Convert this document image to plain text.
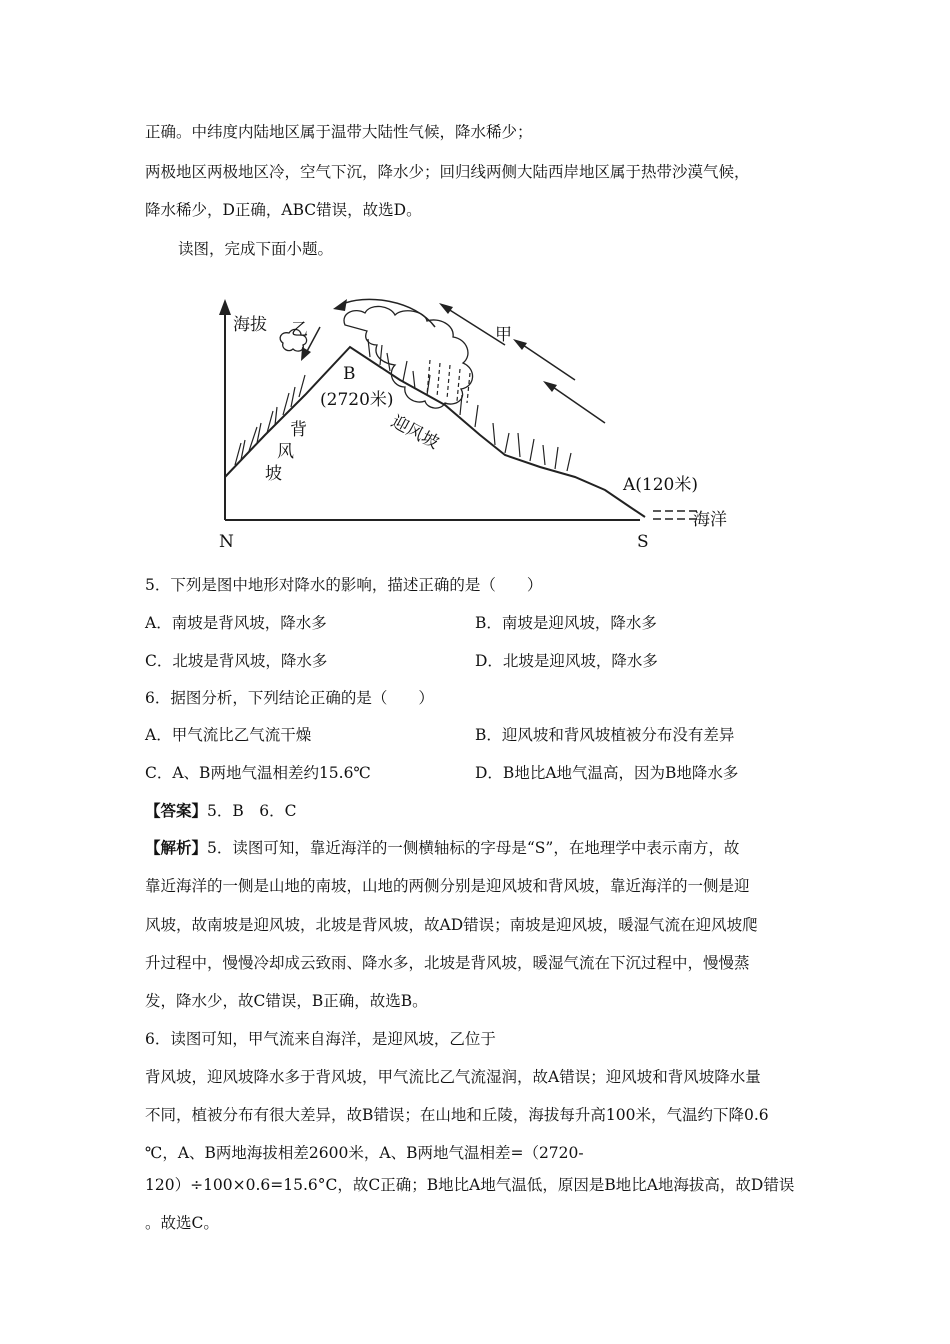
正确。中纬度内陆地区属于温带大陆性气候，降水稀少；
两极地区两极地区冷，空气下沉，降水少；回归线两侧大陆西岸地区属于热带沙漠气候，
降水稀少，D正确，ABC错误，故选D。
读图，完成下面小题。
海拔 乙	甲
B
(2720米)
迎风坡
背
风
坡
A(120米)
海洋
N	S
5．下列是图中地形对降水的影响，描述正确的是（　　）
A．南坡是背风坡，降水多	B．南坡是迎风坡，降水多
C．北坡是背风坡，降水多	D．北坡是迎风坡，降水多
6．据图分析，下列结论正确的是（　　）
A．甲气流比乙气流干燥	B．迎风坡和背风坡植被分布没有差异
C．A、B两地气温相差约15.6℃	D．B地比A地气温高，因为B地降水多
【答案】5．B　6．C
【解析】5．读图可知，靠近海洋的一侧横轴标的字母是“S”，在地理学中表示南方，故
靠近海洋的一侧是山地的南坡，山地的两侧分别是迎风坡和背风坡，靠近海洋的一侧是迎
风坡，故南坡是迎风坡，北坡是背风坡，故AD错误；南坡是迎风坡，暖湿气流在迎风坡爬
升过程中，慢慢冷却成云致雨、降水多，北坡是背风坡，暖湿气流在下沉过程中，慢慢蒸
发，降水少，故C错误，B正确，故选B。
6．读图可知，甲气流来自海洋，是迎风坡，乙位于
背风坡，迎风坡降水多于背风坡，甲气流比乙气流湿润，故A错误；迎风坡和背风坡降水量
不同，植被分布有很大差异，故B错误；在山地和丘陵，海拔每升高100米，气温约下降0.6
℃，A、B两地海拔相差2600米，A、B两地气温相差=（2720-
120）÷100×0.6=15.6°C，故C正确；B地比A地气温低，原因是B地比A地海拔高，故D错误
。故选C。
